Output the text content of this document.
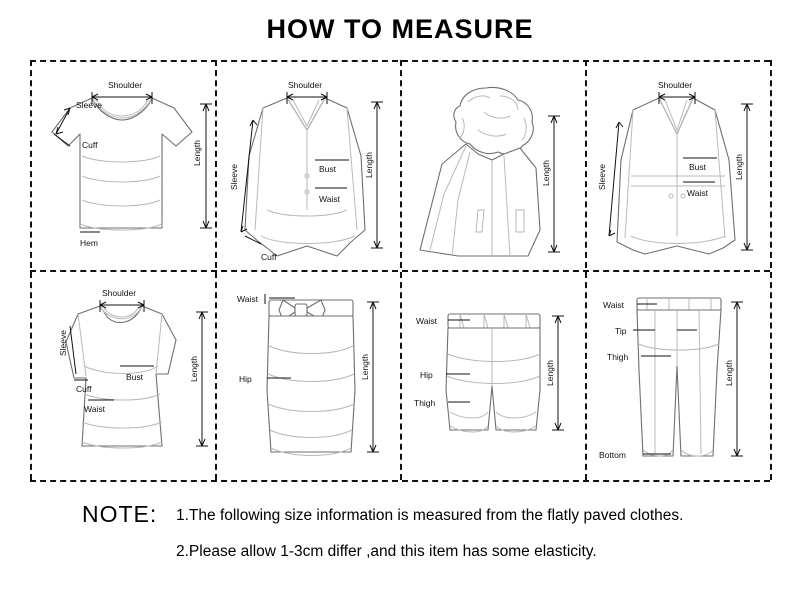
HOW TO MEASURE
Shoulder
Sleeve
Cuff	Length
Hem
Shoulder
Sleeve	Bust
Waist
Length
Cuff
Length
Shoulder
Sleeve	Bust
Waist
Length
Shoulder
Sleeve
Bust
Cuff
Waist
Length
Waist
Hip	Length
Waist
Hip
Thigh
Length
Waist
Tip
Thigh
Length
Bottom
NOTE: 1.The following size information is measured from the flatly paved clothes.
2.Please allow 1-3cm differ ,and this item has some elasticity.
